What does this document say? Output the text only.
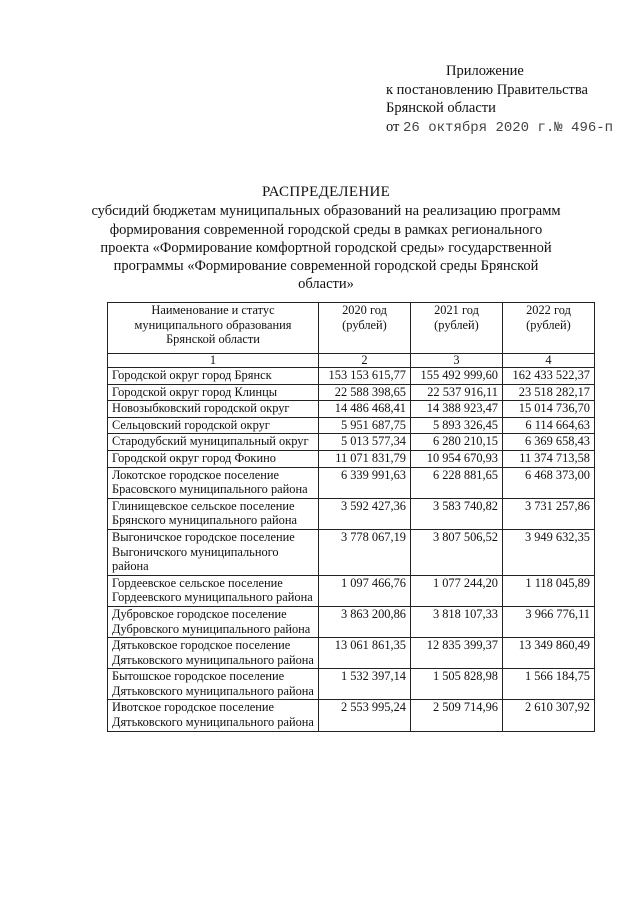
Приложение
к постановлению Правительства
Брянской области
от 26 октября 2020 г.№ 496-п
РАСПРЕДЕЛЕНИЕ
субсидий бюджетам муниципальных образований на реализацию программ
формирования современной городской среды в рамках регионального
проекта «Формирование комфортной городской среды» государственной
программы «Формирование современной городской среды Брянской
области»
Наименование и статус муниципального образования Брянской области	2020 год (рублей)	2021 год (рублей)	2022 год (рублей)
1	2	3	4
Городской округ город Брянск	153 153 615,77	155 492 999,60	162 433 522,37
Городской округ город Клинцы	22 588 398,65	22 537 916,11	23 518 282,17
Новозыбковский городской округ	14 486 468,41	14 388 923,47	15 014 736,70
Сельцовский городской округ	5 951 687,75	5 893 326,45	6 114 664,63
Стародубский муниципальный округ	5 013 577,34	6 280 210,15	6 369 658,43
Городской округ город Фокино	11 071 831,79	10 954 670,93	11 374 713,58
Локотское городское поселение Брасовского муниципального района	6 339 991,63	6 228 881,65	6 468 373,00
Глинищевское сельское поселение Брянского муниципального района	3 592 427,36	3 583 740,82	3 731 257,86
Выгоничское городское поселение Выгоничского муниципального района	3 778 067,19	3 807 506,52	3 949 632,35
Гордеевское сельское поселение Гордеевского муниципального района	1 097 466,76	1 077 244,20	1 118 045,89
Дубровское городское поселение Дубровского муниципального района	3 863 200,86	3 818 107,33	3 966 776,11
Дятьковское городское поселение Дятьковского муниципального района	13 061 861,35	12 835 399,37	13 349 860,49
Бытошское городское поселение Дятьковского муниципального района	1 532 397,14	1 505 828,98	1 566 184,75
Ивотское городское поселение Дятьковского муниципального района	2 553 995,24	2 509 714,96	2 610 307,92
